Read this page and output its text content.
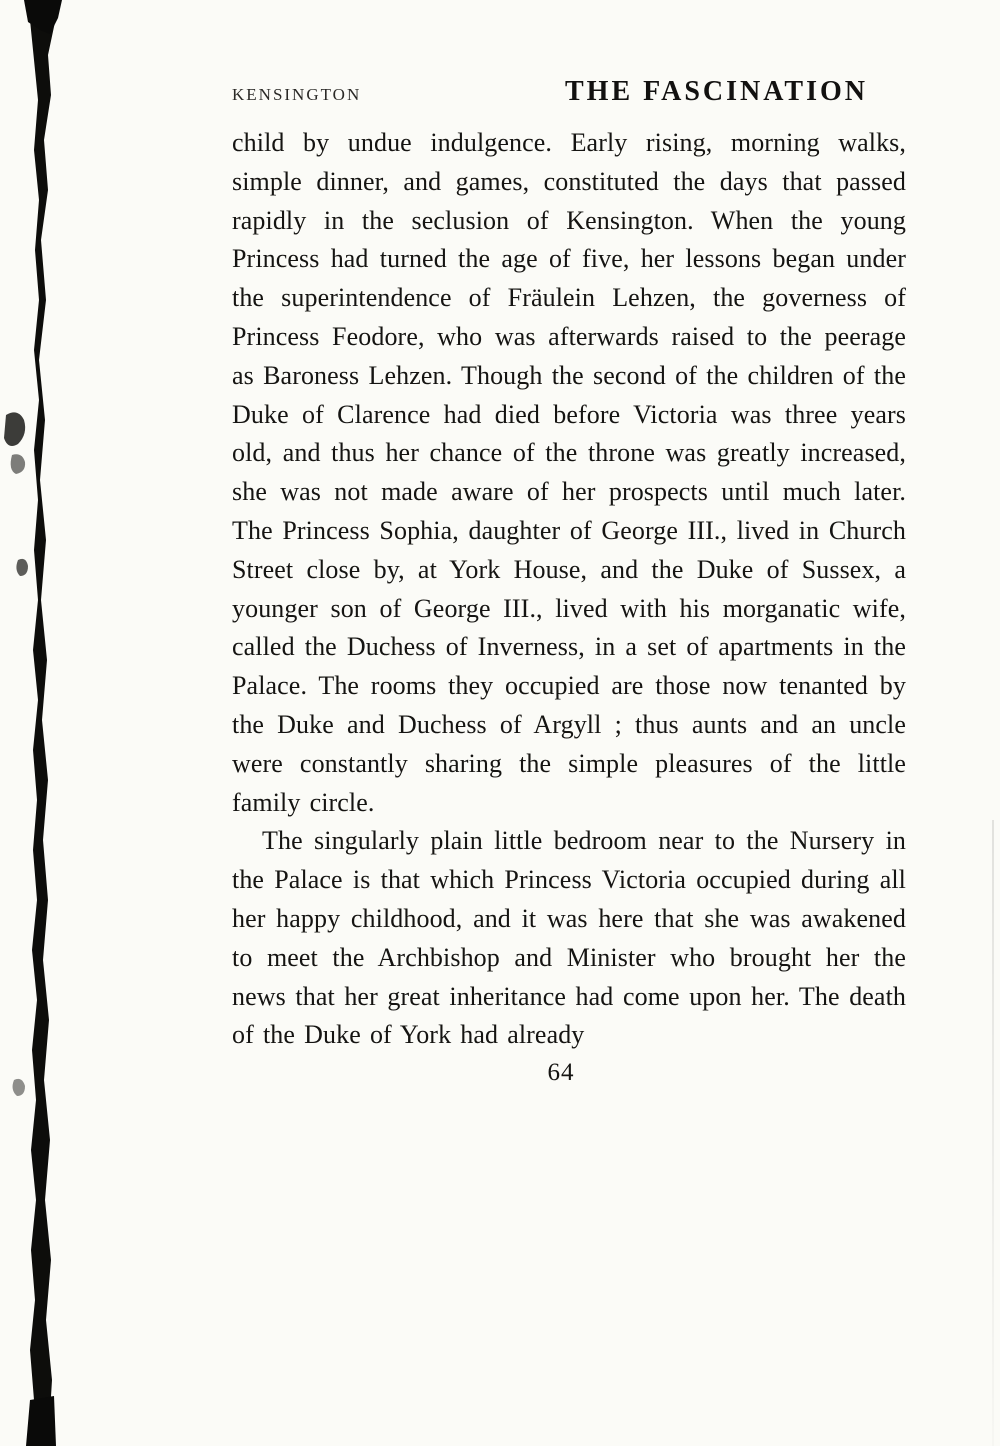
KENSINGTON	THE FASCINATION

child by undue indulgence. Early rising, morning walks, simple dinner, and games, constituted the days that passed rapidly in the seclusion of Kensington. When the young Princess had turned the age of five, her lessons began under the superintendence of Fräulein Lehzen, the governess of Princess Feodore, who was afterwards raised to the peerage as Baroness Lehzen. Though the second of the children of the Duke of Clarence had died before Victoria was three years old, and thus her chance of the throne was greatly increased, she was not made aware of her prospects until much later. The Princess Sophia, daughter of George III., lived in Church Street close by, at York House, and the Duke of Sussex, a younger son of George III., lived with his morganatic wife, called the Duchess of Inverness, in a set of apartments in the Palace. The rooms they occupied are those now tenanted by the Duke and Duchess of Argyll ; thus aunts and an uncle were constantly sharing the simple pleasures of the little family circle.

The singularly plain little bedroom near to the Nursery in the Palace is that which Princess Victoria occupied during all her happy childhood, and it was here that she was awakened to meet the Archbishop and Minister who brought her the news that her great inheritance had come upon her. The death of the Duke of York had already

64
